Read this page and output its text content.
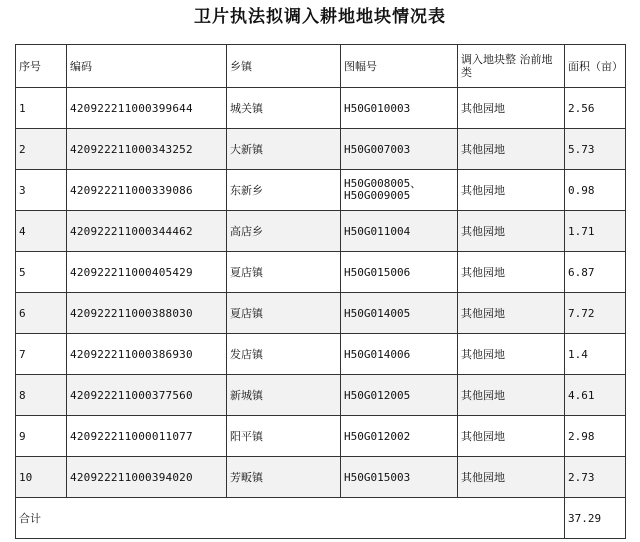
卫片执法拟调入耕地地块情况表
序号	编码	乡镇	图幅号	调入地块整 治前地类	面积（亩）
1	420922211000399644	城关镇	H50G010003	其他园地	2.56
2	420922211000343252	大新镇	H50G007003	其他园地	5.73
3	420922211000339086	东新乡	H50G008005、H50G009005	其他园地	0.98
4	420922211000344462	高店乡	H50G011004	其他园地	1.71
5	420922211000405429	夏店镇	H50G015006	其他园地	6.87
6	420922211000388030	夏店镇	H50G014005	其他园地	7.72
7	420922211000386930	发店镇	H50G014006	其他园地	1.4
8	420922211000377560	新城镇	H50G012005	其他园地	4.61
9	420922211000011077	阳平镇	H50G012002	其他园地	2.98
10	420922211000394020	芳畈镇	H50G015003	其他园地	2.73
合计					37.29
